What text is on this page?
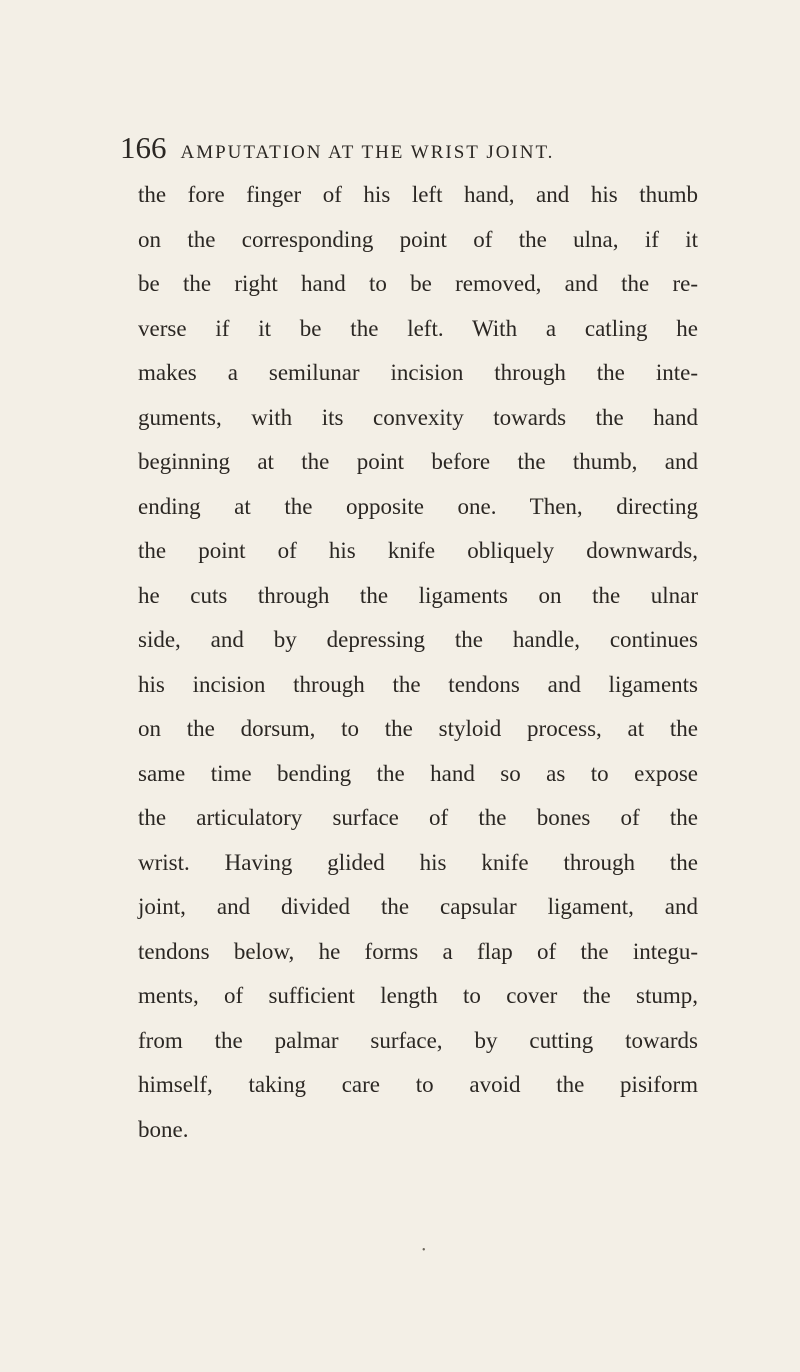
166 AMPUTATION AT THE WRIST JOINT.
the fore finger of his left hand, and his thumb
on the corresponding point of the ulna, if it
be the right hand to be removed, and the re-
verse if it be the left. With a catling he
makes a semilunar incision through the inte-
guments, with its convexity towards the hand
beginning at the point before the thumb, and
ending at the opposite one. Then, directing
the point of his knife obliquely downwards,
he cuts through the ligaments on the ulnar
side, and by depressing the handle, continues
his incision through the tendons and ligaments
on the dorsum, to the styloid process, at the
same time bending the hand so as to expose
the articulatory surface of the bones of the
wrist. Having glided his knife through the
joint, and divided the capsular ligament, and
tendons below, he forms a flap of the integu-
ments, of sufficient length to cover the stump,
from the palmar surface, by cutting towards
himself, taking care to avoid the pisiform
bone.
•
